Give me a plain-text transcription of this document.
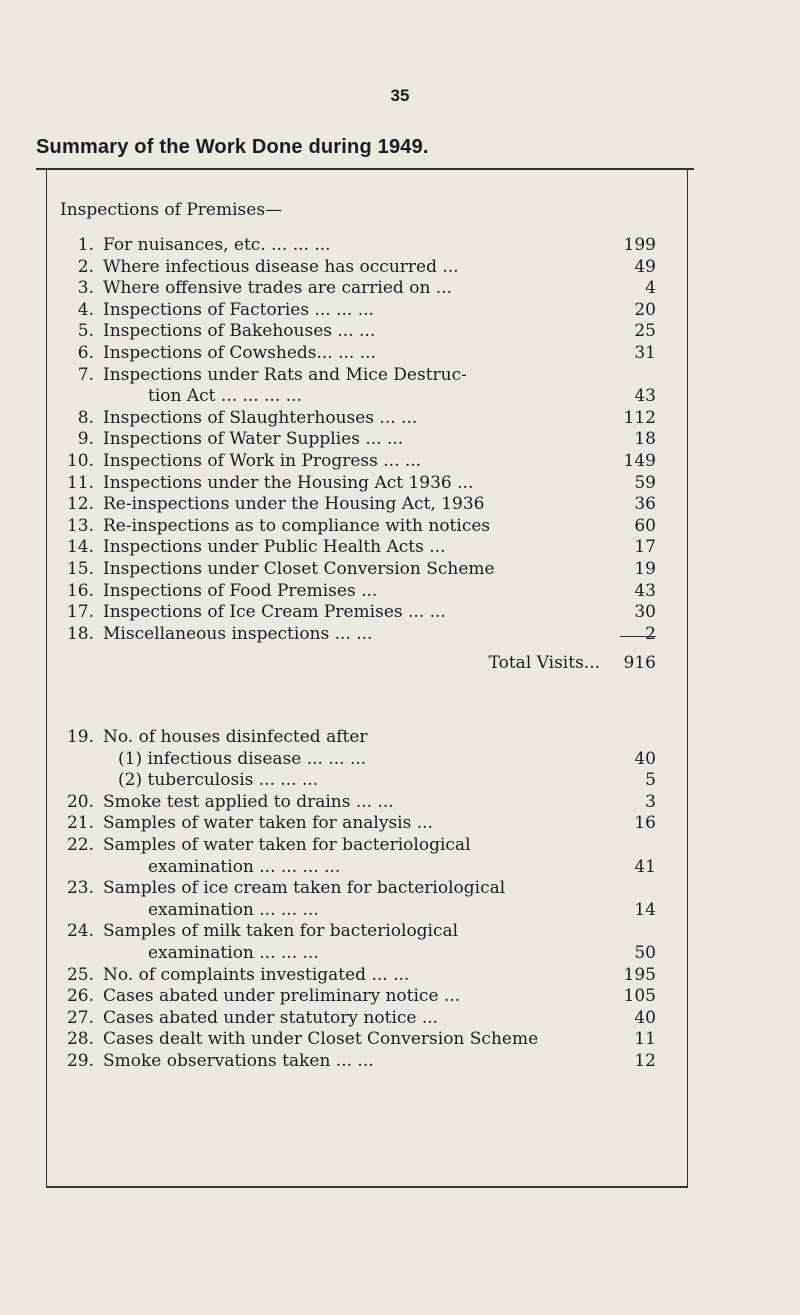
35
Summary of the Work Done during 1949.
Inspections of Premises—
1. For nuisances, etc. ... ... ...	199
2. Where infectious disease has occurred ...	49
3. Where offensive trades are carried on ...	4
4. Inspections of Factories ... ... ...	20
5. Inspections of Bakehouses ... ...	25
6. Inspections of Cowsheds... ... ...	31
7. Inspections under Rats and Mice Destruc-
tion Act ... ... ... ...	43
8. Inspections of Slaughterhouses ... ...	112
9. Inspections of Water Supplies ... ...	18
10. Inspections of Work in Progress ... ...	149
11. Inspections under the Housing Act 1936 ...	59
12. Re-inspections under the Housing Act, 1936	36
13. Re-inspections as to compliance with notices	60
14. Inspections under Public Health Acts ...	17
15. Inspections under Closet Conversion Scheme	19
16. Inspections of Food Premises ...	43
17. Inspections of Ice Cream Premises ... ...	30
18. Miscellaneous inspections ... ...	2
Total Visits...	916
19. No. of houses disinfected after
(1) infectious disease ... ... ...	40
(2) tuberculosis ... ... ...	5
20. Smoke test applied to drains ... ...	3
21. Samples of water taken for analysis ...	16
22. Samples of water taken for bacteriological
examination ... ... ... ...	41
23. Samples of ice cream taken for bacteriological
examination ... ... ...	14
24. Samples of milk taken for bacteriological
examination ... ... ...	50
25. No. of complaints investigated ... ...	195
26. Cases abated under preliminary notice ...	105
27. Cases abated under statutory notice ...	40
28. Cases dealt with under Closet Conversion Scheme	11
29. Smoke observations taken ... ...	12
